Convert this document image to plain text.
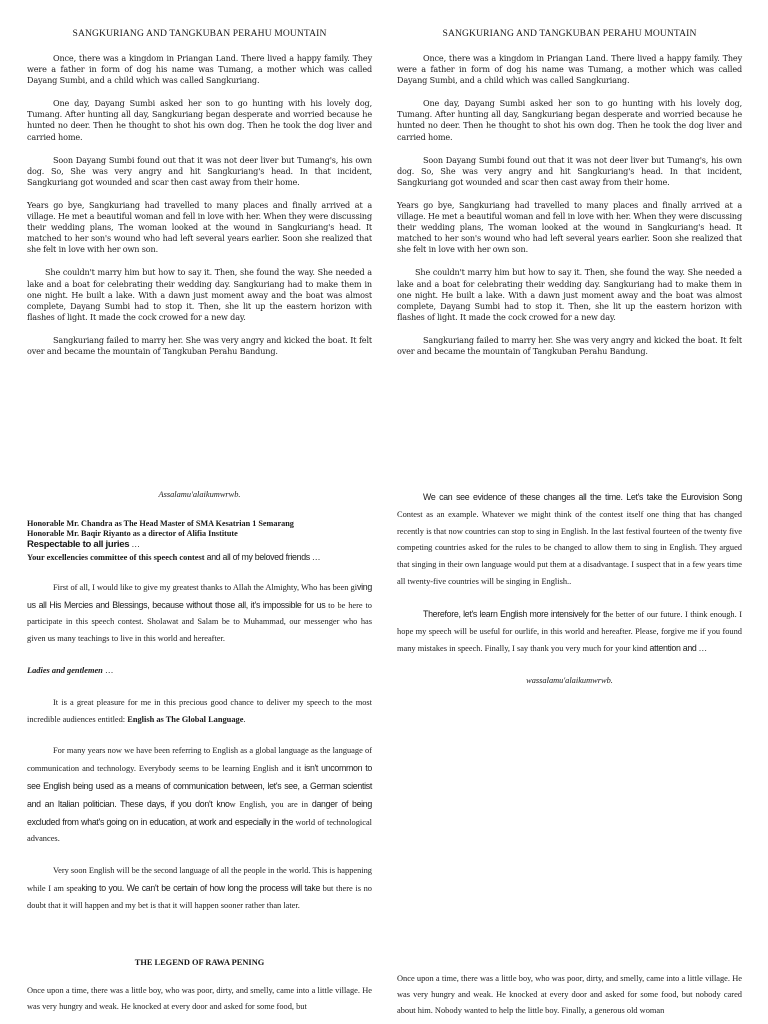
SANGKURIANG AND TANGKUBAN PERAHU MOUNTAIN

Once, there was a kingdom in Priangan Land. There lived a happy family. They were a father in form of dog his name was Tumang, a mother which was called Dayang Sumbi, and a child which was called Sangkuriang.

One day, Dayang Sumbi asked her son to go hunting with his lovely dog, Tumang. After hunting all day, Sangkuriang began desperate and worried because he hunted no deer. Then he thought to shot his own dog. Then he took the dog liver and carried home.

Soon Dayang Sumbi found out that it was not deer liver but Tumang's, his own dog. So, She was very angry and hit Sangkuriang's head. In that incident, Sangkuriang got wounded and scar then cast away from their home.

Years go bye, Sangkuriang had travelled to many places and finally arrived at a village. He met a beautiful woman and fell in love with her. When they were discussing their wedding plans, The woman looked at the wound in Sangkuriang's head. It matched to her son's wound who had left several years earlier. Soon she realized that she felt in love with her own son.

She couldn't marry him but how to say it. Then, she found the way. She needed a lake and a boat for celebrating their wedding day. Sangkuriang had to make them in one night. He built a lake. With a dawn just moment away and the boat was almost complete, Dayang Sumbi had to stop it. Then, she lit up the eastern horizon with flashes of light. It made the cock crowed for a new day.

Sangkuriang failed to marry her. She was very angry and kicked the boat. It felt over and became the mountain of Tangkuban Perahu Bandung.

SANGKURIANG AND TANGKUBAN PERAHU MOUNTAIN

Once, there was a kingdom in Priangan Land. There lived a happy family. They were a father in form of dog his name was Tumang, a mother which was called Dayang Sumbi, and a child which was called Sangkuriang.

One day, Dayang Sumbi asked her son to go hunting with his lovely dog, Tumang. After hunting all day, Sangkuriang began desperate and worried because he hunted no deer. Then he thought to shot his own dog. Then he took the dog liver and carried home.

Soon Dayang Sumbi found out that it was not deer liver but Tumang's, his own dog. So, She was very angry and hit Sangkuriang's head. In that incident, Sangkuriang got wounded and scar then cast away from their home.

Years go bye, Sangkuriang had travelled to many places and finally arrived at a village. He met a beautiful woman and fell in love with her. When they were discussing their wedding plans, The woman looked at the wound in Sangkuriang's head. It matched to her son's wound who had left several years earlier. Soon she realized that she felt in love with her own son.

She couldn't marry him but how to say it. Then, she found the way. She needed a lake and a boat for celebrating their wedding day. Sangkuriang had to make them in one night. He built a lake. With a dawn just moment away and the boat was almost complete, Dayang Sumbi had to stop it. Then, she lit up the eastern horizon with flashes of light. It made the cock crowed for a new day.

Sangkuriang failed to marry her. She was very angry and kicked the boat. It felt over and became the mountain of Tangkuban Perahu Bandung.

Assalamu'alaikumwrwb.

Honorable Mr. Chandra as The Head Master of SMA Kesatrian 1 Semarang

Honorable Mr. Baqir Riyanto as a director of Alifia Institute

Respectable to all juries …

Your excellencies committee of this speech contest and all of my beloved friends …

First of all, I would like to give my greatest thanks to Allah the Almighty, Who has been giving us all His Mercies and Blessings, because without those all, it's impossible for us to be here to participate in this speech contest. Sholawat and Salam be to Muhammad, our messenger who has given us many teachings to live in this world and hereafter.

Ladies and gentlemen …

It is a great pleasure for me in this precious good chance to deliver my speech to the most incredible audiences entitled: English as The Global Language.

For many years now we have been referring to English as a global language as the language of communication and technology. Everybody seems to be learning English and it isn't uncommon to see English being used as a means of communication between, let's see, a German scientist and an Italian politician. These days, if you don't know English, you are in danger of being excluded from what's going on in education, at work and especially in the world of technological advances.

Very soon English will be the second language of all the people in the world. This is happening while I am speaking to you. We can't be certain of how long the process will take but there is no doubt that it will happen and my bet is that it will happen sooner rather than later.

We can see evidence of these changes all the time. Let's take the Eurovision Song Contest as an example. Whatever we might think of the contest itself one thing that has changed recently is that now countries can stop to sing in English. In the last festival fourteen of the twenty five competing countries asked for the rules to be changed to allow them to sing in English. They argued that singing in their own language would put them at a disadvantage. I suspect that in a few years time all twenty-five countries will be singing in English..

Therefore, let's learn English more intensively for the better of our future. I think enough. I hope my speech will be useful for ourlife, in this world and hereafter. Please, forgive me if you found many mistakes in speech. Finally, I say thank you very much for your kind attention and …

wassalamu'alaikumwrwb.

THE LEGEND OF RAWA PENING

Once upon a time, there was a little boy, who was poor, dirty, and smelly, came into a little village. He was very hungry and weak. He knocked at every door and asked for some food, but

Once upon a time, there was a little boy, who was poor, dirty, and smelly, came into a little village. He was very hungry and weak. He knocked at every door and asked for some food, but nobody cared about him. Nobody wanted to help the little boy. Finally, a generous old woman
